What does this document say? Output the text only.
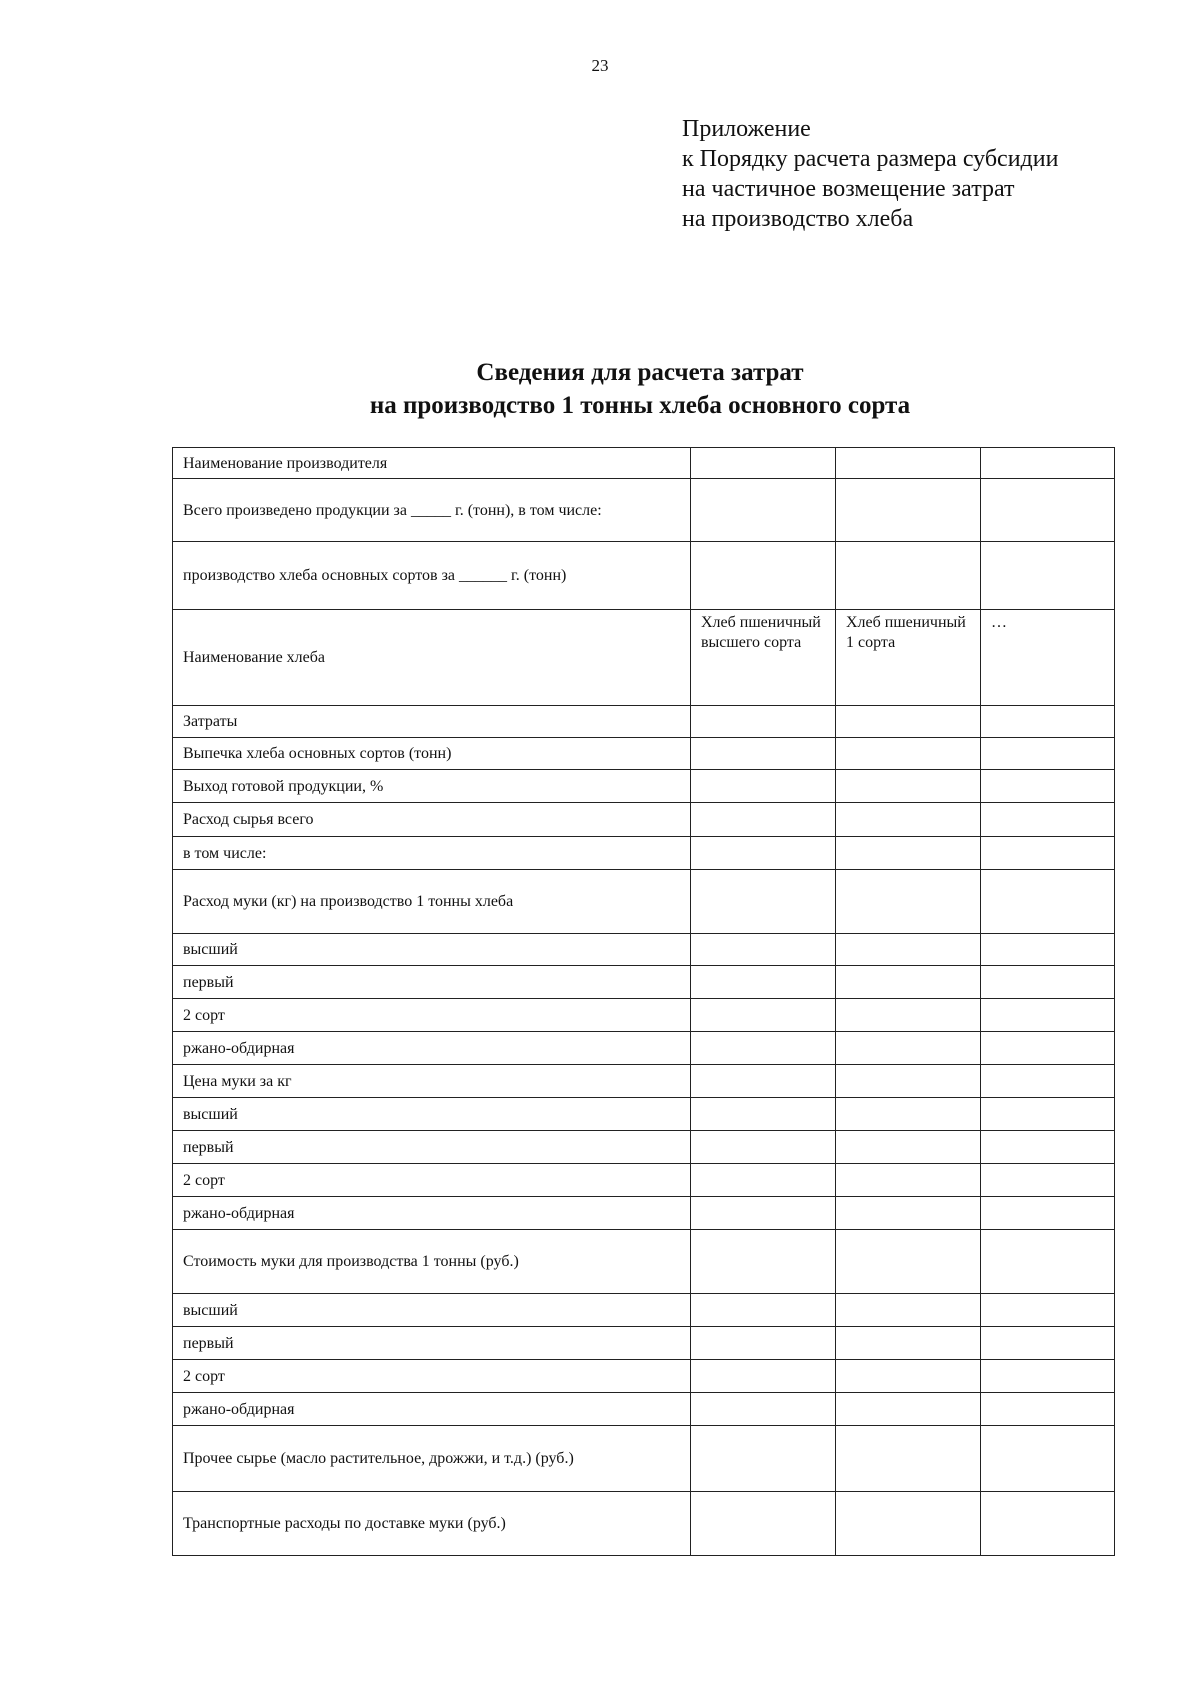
23
Приложение
к Порядку расчета размера субсидии
на частичное возмещение затрат
на производство хлеба
Сведения для расчета затрат
на производство 1 тонны хлеба основного сорта
Наименование производителя			
Всего произведено продукции за _____ г. (тонн), в том числе:			
производство хлеба основных сортов за ______ г. (тонн)			
Наименование хлеба	Хлеб пшеничный высшего сорта	Хлеб пшеничный 1 сорта	…
Затраты			
Выпечка хлеба основных сортов (тонн)			
Выход готовой продукции, %			
Расход сырья всего			
в том числе:			
Расход муки (кг) на производство 1 тонны хлеба			
высший			
первый			
2 сорт			
ржано-обдирная			
Цена муки за кг			
высший			
первый			
2 сорт			
ржано-обдирная			
Стоимость муки для производства 1 тонны (руб.)			
высший			
первый			
2 сорт			
ржано-обдирная			
Прочее сырье (масло растительное, дрожжи, и т.д.) (руб.)			
Транспортные расходы по доставке муки (руб.)			
